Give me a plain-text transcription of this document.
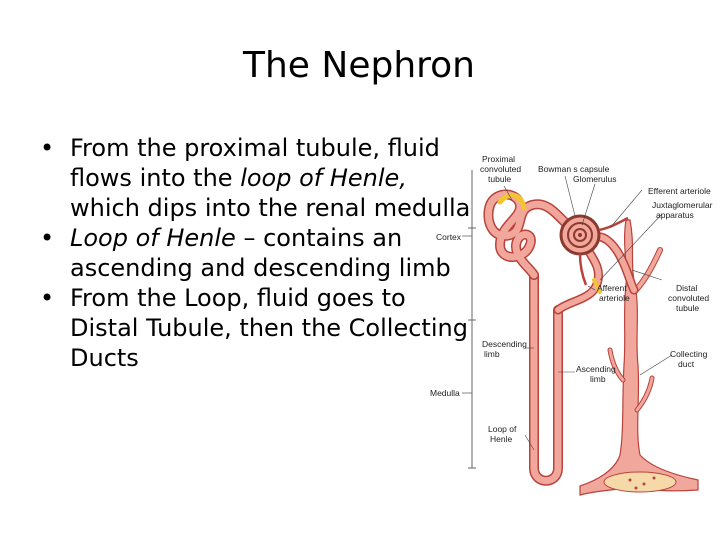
The Nephron
• From the proximal tubule, fluid flows into the loop of Henle, which dips into the renal medulla
• Loop of Henle – contains an ascending and descending limb
• From the Loop, fluid goes to Distal Tubule, then the Collecting Ducts
Proximal convoluted tubule
Bowman s capsule
Glomerulus
Efferent arteriole
Juxtaglomerular apparatus
Cortex
Afferent arteriole
Distal convoluted tubule
Descending limb	Collecting duct
Ascending limb
Medulla
Loop of Henle
